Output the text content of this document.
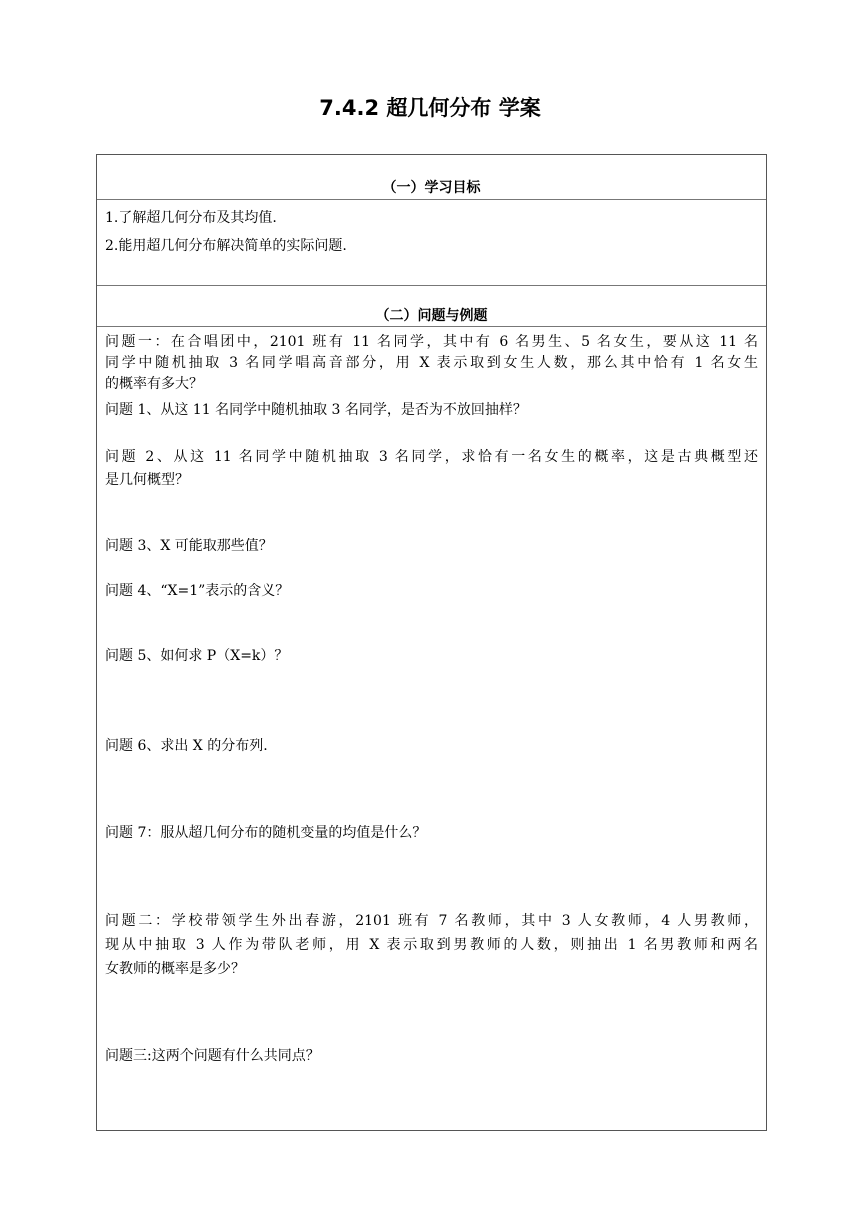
7.4.2 超几何分布 学案
（一）学习目标
1.了解超几何分布及其均值.
2.能用超几何分布解决简单的实际问题.
（二）问题与例题
问题一：在合唱团中，2101 班有 11 名同学，其中有 6 名男生、5 名女生，要从这 11 名
同学中随机抽取 3 名同学唱高音部分，用 X 表示取到女生人数，那么其中恰有 1 名女生
的概率有多大？
问题 1、从这 11 名同学中随机抽取 3 名同学，是否为不放回抽样？
问题 2、从这 11 名同学中随机抽取 3 名同学，求恰有一名女生的概率，这是古典概型还
是几何概型？
问题 3、X 可能取那些值？
问题 4、“X=1”表示的含义？
问题 5、如何求 P（X=k）？
问题 6、求出 X 的分布列.
问题 7：服从超几何分布的随机变量的均值是什么？
问题二：学校带领学生外出春游，2101 班有 7 名教师，其中 3 人女教师，4 人男教师，
现从中抽取 3 人作为带队老师，用 X 表示取到男教师的人数，则抽出 1 名男教师和两名
女教师的概率是多少？
问题三:这两个问题有什么共同点？
